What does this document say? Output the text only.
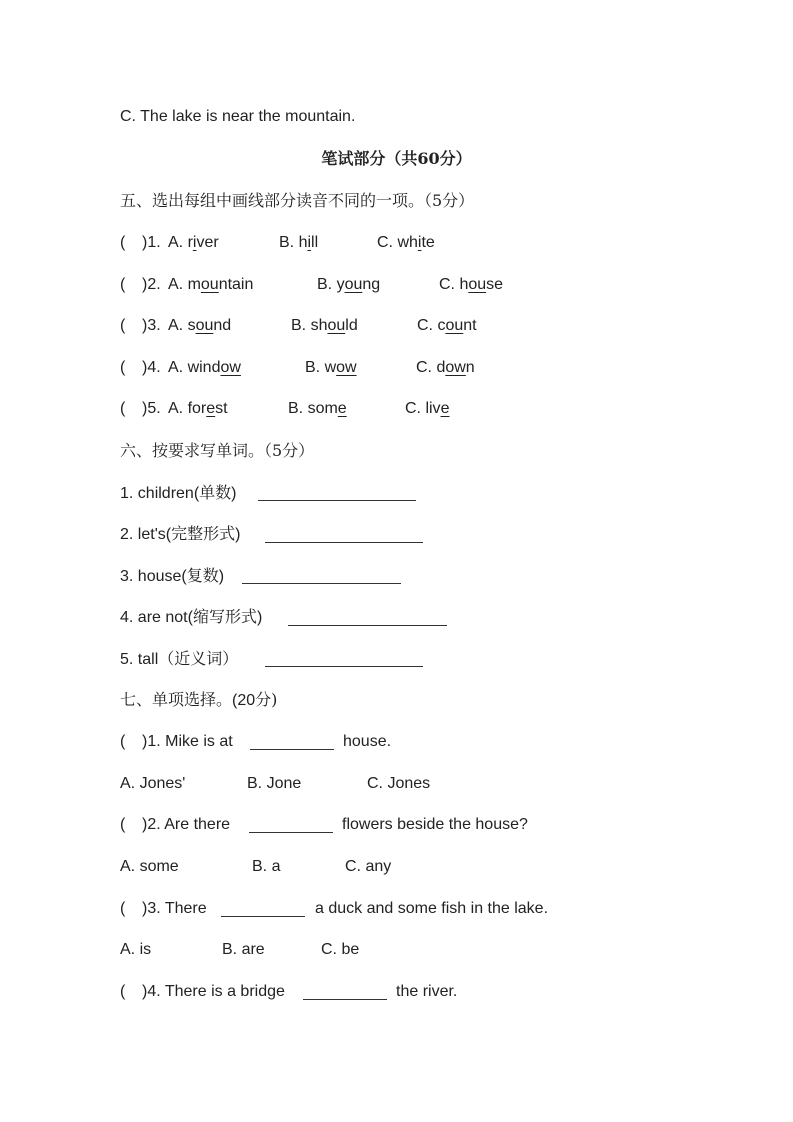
C. The lake is near the mountain.
笔试部分（共60分）
五、选出每组中画线部分读音不同的一项。（5分）
( )1. A. river	B. hill	C. white
( )2. A. mountain	B. young	C. house
( )3. A. sound	B. should	C. count
( )4. A. window	B. wow	C. down
( )5. A. forest	B. some	C. live
六、按要求写单词。（5分）
1. children(单数)
2. let's(完整形式)
3. house(复数)
4. are not(缩写形式)
5. tall（近义词）
七、单项选择。(20分)
( )1. Mike is at	house.
A. Jones'	B. Jone	C. Jones
( )2. Are there	flowers beside the house?
A. some	B. a	C. any
( )3. There	a duck and some fish in the lake.
A. is	B. are	C. be
( )4. There is a bridge	the river.
